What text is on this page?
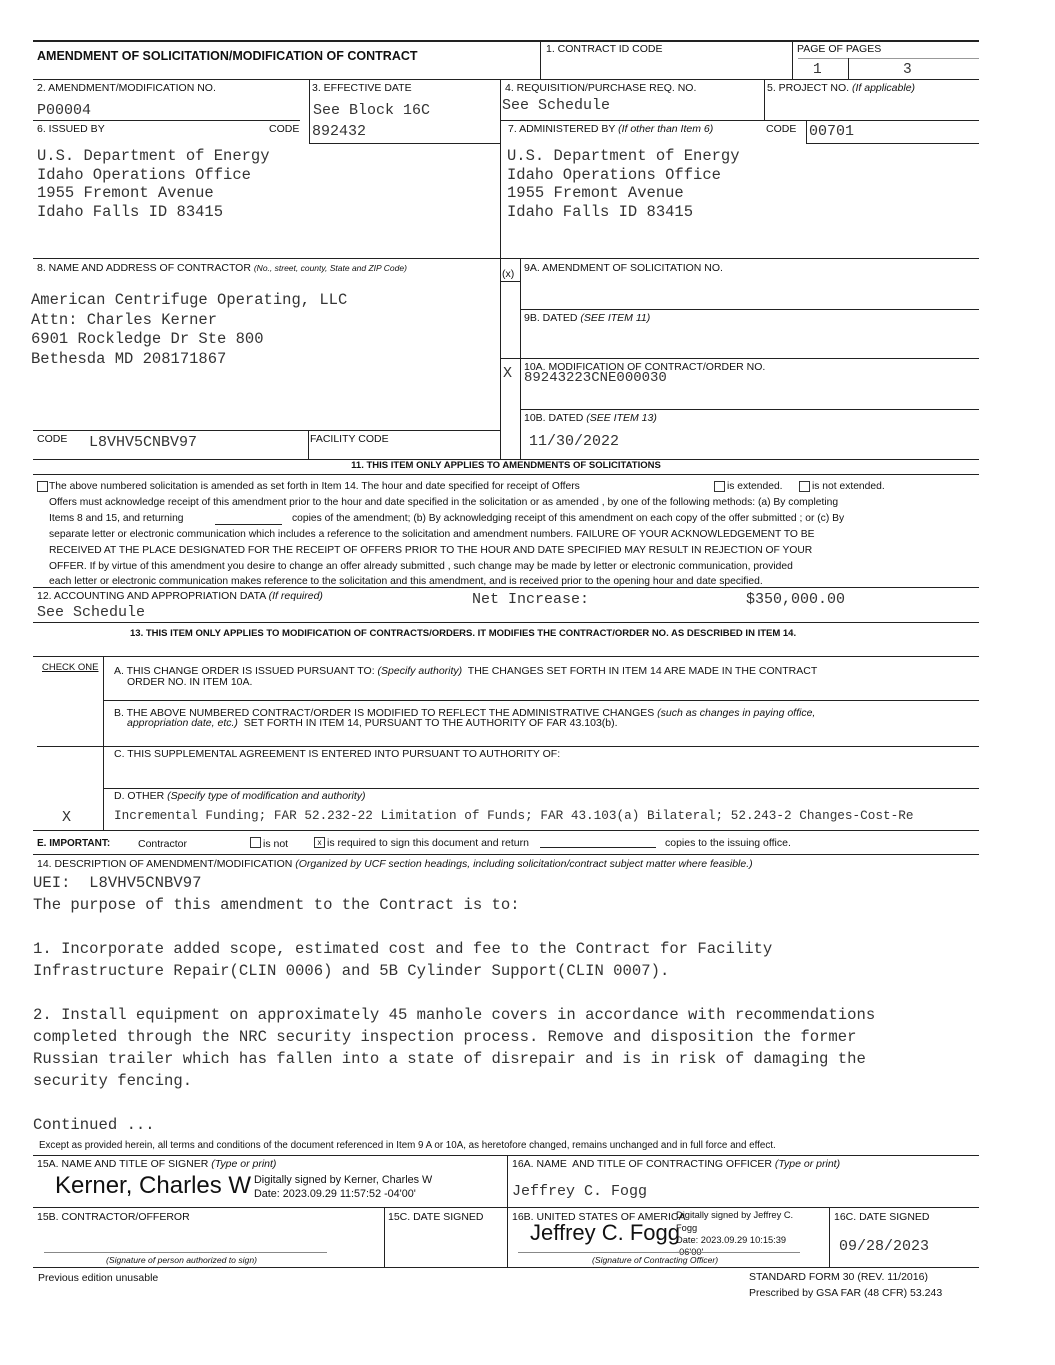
AMENDMENT OF SOLICITATION/MODIFICATION OF CONTRACT	1. CONTRACT ID CODE	PAGE OF PAGES
1	3
2. AMENDMENT/MODIFICATION NO.
P00004
3. EFFECTIVE DATE
See Block 16C
4. REQUISITION/PURCHASE REQ. NO.
See Schedule
5. PROJECT NO. (If applicable)
6. ISSUED BY	CODE 892432
U.S. Department of Energy
Idaho Operations Office
1955 Fremont Avenue
Idaho Falls ID 83415
7. ADMINISTERED BY (If other than Item 6)	CODE 00701
U.S. Department of Energy
Idaho Operations Office
1955 Fremont Avenue
Idaho Falls ID 83415
8. NAME AND ADDRESS OF CONTRACTOR (No., street, county, State and ZIP Code)
American Centrifuge Operating, LLC
Attn: Charles Kerner
6901 Rockledge Dr Ste 800
Bethesda MD 208171867
CODE L8VHV5CNBV97	FACILITY CODE
(x) 9A. AMENDMENT OF SOLICITATION NO.
9B. DATED (SEE ITEM 11)
X 10A. MODIFICATION OF CONTRACT/ORDER NO.
89243223CNE000030
10B. DATED (SEE ITEM 13)
11/30/2022
11. THIS ITEM ONLY APPLIES TO AMENDMENTS OF SOLICITATIONS
The above numbered solicitation is amended as set forth in Item 14. The hour and date specified for receipt of Offers	is extended.	is not extended.
Offers must acknowledge receipt of this amendment prior to the hour and date specified in the solicitation or as amended , by one of the following methods: (a) By completing
Items 8 and 15, and returning	copies of the amendment; (b) By acknowledging receipt of this amendment on each copy of the offer submitted ; or (c) By
separate letter or electronic communication which includes a reference to the solicitation and amendment numbers. FAILURE OF YOUR ACKNOWLEDGEMENT TO BE
RECEIVED AT THE PLACE DESIGNATED FOR THE RECEIPT OF OFFERS PRIOR TO THE HOUR AND DATE SPECIFIED MAY RESULT IN REJECTION OF YOUR
OFFER. If by virtue of this amendment you desire to change an offer already submitted , such change may be made by letter or electronic communication, provided
each letter or electronic communication makes reference to the solicitation and this amendment, and is received prior to the opening hour and date specified.
12. ACCOUNTING AND APPROPRIATION DATA (If required)
See Schedule
Net Increase:	$350,000.00
13. THIS ITEM ONLY APPLIES TO MODIFICATION OF CONTRACTS/ORDERS. IT MODIFIES THE CONTRACT/ORDER NO. AS DESCRIBED IN ITEM 14.
CHECK ONE A. THIS CHANGE ORDER IS ISSUED PURSUANT TO: (Specify authority)  THE CHANGES SET FORTH IN ITEM 14 ARE MADE IN THE CONTRACT
ORDER NO. IN ITEM 10A.
B. THE ABOVE NUMBERED CONTRACT/ORDER IS MODIFIED TO REFLECT THE ADMINISTRATIVE CHANGES (such as changes in paying office,
appropriation date, etc.)  SET FORTH IN ITEM 14, PURSUANT TO THE AUTHORITY OF FAR 43.103(b).
C. THIS SUPPLEMENTAL AGREEMENT IS ENTERED INTO PURSUANT TO AUTHORITY OF:
D. OTHER (Specify type of modification and authority)
X	Incremental Funding; FAR 52.232-22 Limitation of Funds; FAR 43.103(a) Bilateral; 52.243-2 Changes-Cost-Re
E. IMPORTANT:	Contractor	is not	x is required to sign this document and return	copies to the issuing office.
14. DESCRIPTION OF AMENDMENT/MODIFICATION (Organized by UCF section headings, including solicitation/contract subject matter where feasible.)
UEI:  L8VHV5CNBV97
The purpose of this amendment to the Contract is to:

1. Incorporate added scope, estimated cost and fee to the Contract for Facility
Infrastructure Repair(CLIN 0006) and 5B Cylinder Support(CLIN 0007).

2. Install equipment on approximately 45 manhole covers in accordance with recommendations
completed through the NRC security inspection process. Remove and disposition the former
Russian trailer which has fallen into a state of disrepair and is in risk of damaging the
security fencing.

Continued ...
Except as provided herein, all terms and conditions of the document referenced in Item 9 A or 10A, as heretofore changed, remains unchanged and in full force and effect.
15A. NAME AND TITLE OF SIGNER (Type or print)
Kerner, Charles W Digitally signed by Kerner, Charles W
Date: 2023.09.29 11:57:52 -04'00'
16A. NAME  AND TITLE OF CONTRACTING OFFICER (Type or print)
Jeffrey C. Fogg
15B. CONTRACTOR/OFFEROR	15C. DATE SIGNED	16B. UNITED STATES OF AMERICA
Jeffrey C. Fogg
Digitally signed by Jeffrey C.
Fogg
Date: 2023.09.29 10:15:39
-06'00'
16C. DATE SIGNED
09/28/2023
(Signature of person authorized to sign)	(Signature of Contracting Officer)
Previous edition unusable	STANDARD FORM 30 (REV. 11/2016)
Prescribed by GSA FAR (48 CFR) 53.243
